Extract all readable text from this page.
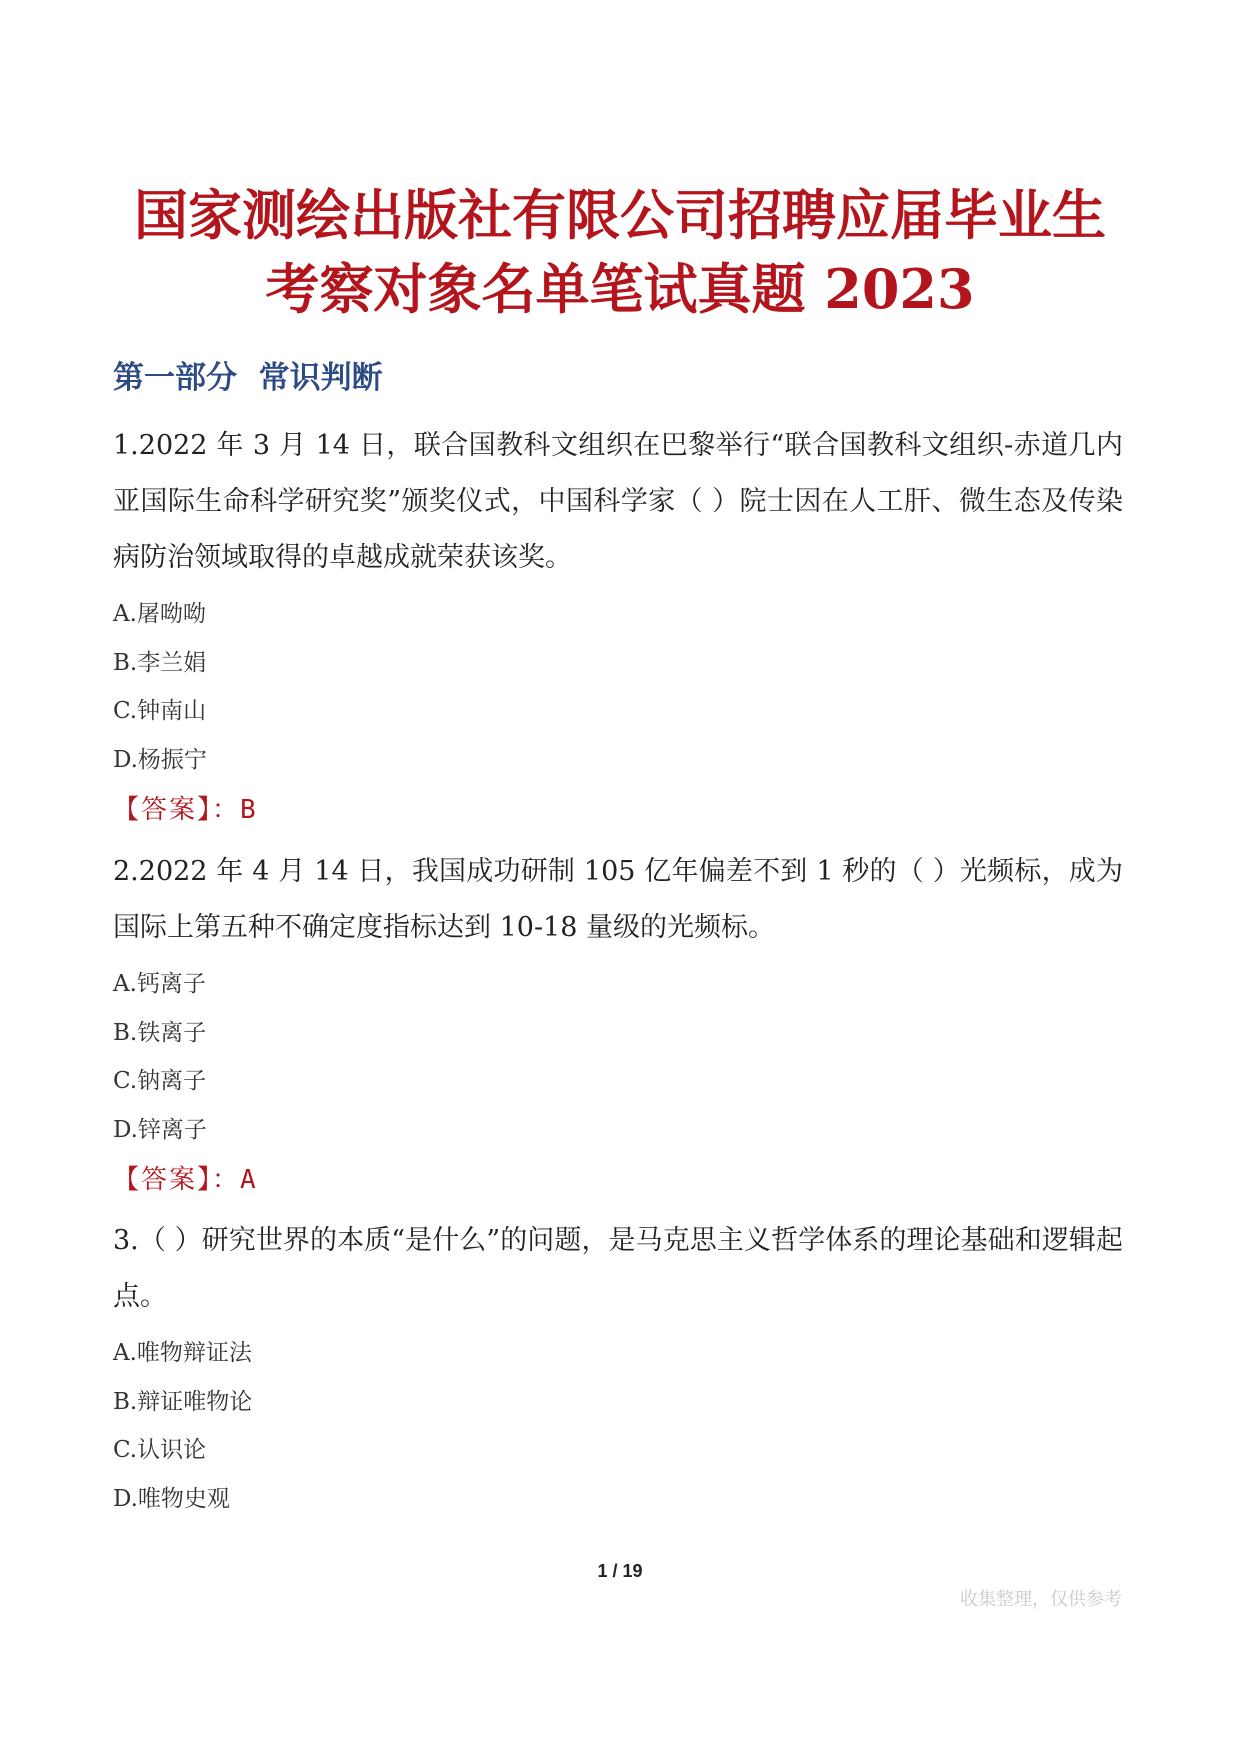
国家测绘出版社有限公司招聘应届毕业生
考察对象名单笔试真题 2023
第一部分  常识判断

1.2022 年 3 月 14 日，联合国教科文组织在巴黎举行“联合国教科文组织-赤道几内亚国际生命科学研究奖”颁奖仪式，中国科学家（ ）院士因在人工肝、微生态及传染病防治领域取得的卓越成就荣获该奖。

A.屠呦呦
B.李兰娟
C.钟南山
D.杨振宁

【答案】：B

2.2022 年 4 月 14 日，我国成功研制 105 亿年偏差不到 1 秒的（ ）光频标，成为国际上第五种不确定度指标达到 10-18 量级的光频标。

A.钙离子
B.铁离子
C.钠离子
D.锌离子

【答案】：A

3.（ ）研究世界的本质“是什么”的问题，是马克思主义哲学体系的理论基础和逻辑起点。

A.唯物辩证法
B.辩证唯物论
C.认识论
D.唯物史观
1 / 19
收集整理，仅供参考
